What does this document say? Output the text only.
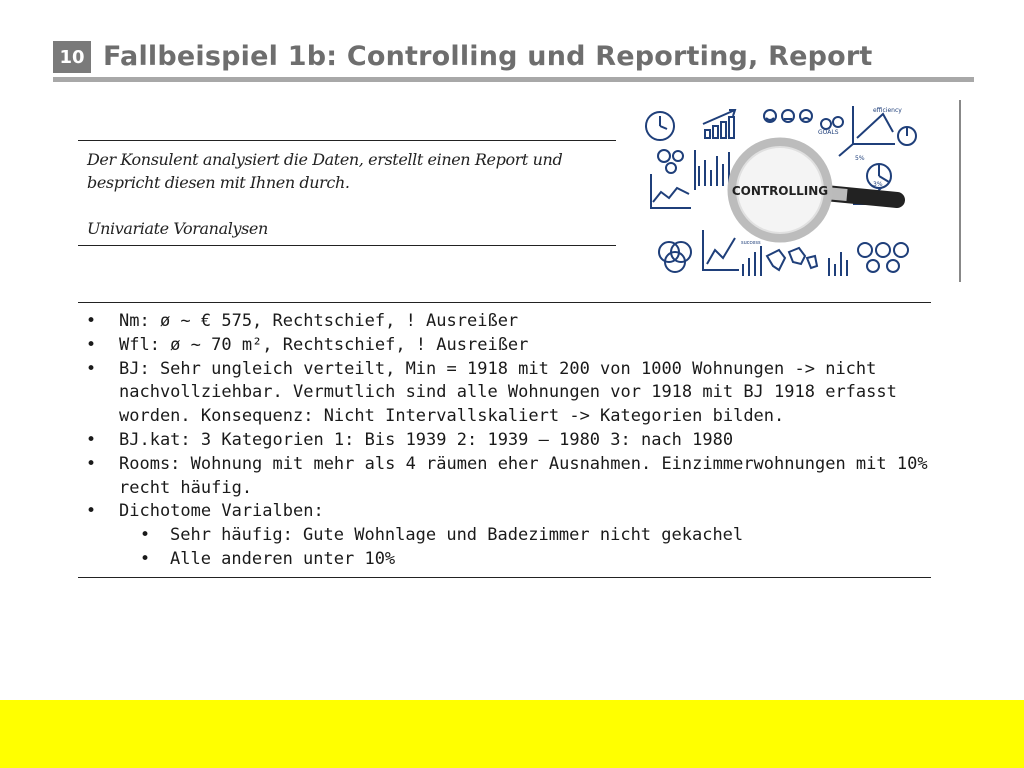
10 Fallbeispiel 1b: Controlling und Reporting, Report
Der Konsulent analysiert die Daten, erstellt einen Report und
bespricht diesen mit Ihnen durch.
Univariate Voranalysen
CONTROLLING
efficiency
GOALS
success
5%
3%
• Nm: ø ~ € 575, Rechtschief, ! Ausreißer
• Wfl: ø ~ 70 m², Rechtschief, ! Ausreißer
• BJ: Sehr ungleich verteilt, Min = 1918 mit 200 von 1000 Wohnungen -> nicht nachvollziehbar. Vermutlich sind alle Wohnungen vor 1918 mit BJ 1918 erfasst worden. Konsequenz: Nicht Intervallskaliert -> Kategorien bilden.
• BJ.kat: 3 Kategorien 1: Bis 1939 2: 1939 – 1980 3: nach 1980
• Rooms: Wohnung mit mehr als 4 räumen eher Ausnahmen. Einzimmerwohnungen mit 10% recht häufig.
• Dichotome Varialben:
• Sehr häufig: Gute Wohnlage und Badezimmer nicht gekachel
• Alle anderen unter 10%
